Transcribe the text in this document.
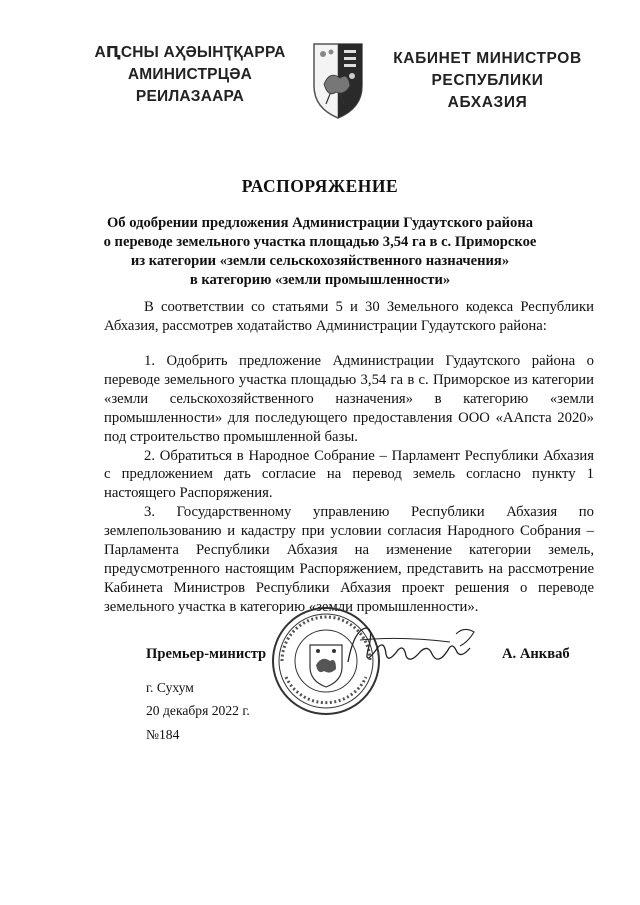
АԤСНЫ АҲӘЫНҬҚАРРА
АМИНИСТРЦӘА РЕИЛАЗААРА
КАБИНЕТ МИНИСТРОВ
РЕСПУБЛИКИ АБХАЗИЯ
РАСПОРЯЖЕНИЕ
Об одобрении предложения Администрации Гудаутского района
о переводе земельного участка площадью 3,54 га в с. Приморское
из категории «земли сельскохозяйственного назначения»
в категорию «земли промышленности»

В соответствии со статьями 5 и 30 Земельного кодекса Республики Абхазия, рассмотрев ходатайство Администрации Гудаутского района:

1. Одобрить предложение Администрации Гудаутского района о переводе земельного участка площадью 3,54 га в с. Приморское из категории «земли сельскохозяйственного назначения» в категорию «земли промышленности» для последующего предоставления ООО «ААпста 2020» под строительство промышленной базы.

2. Обратиться в Народное Собрание – Парламент Республики Абхазия с предложением дать согласие на перевод земель согласно пункту 1 настоящего Распоряжения.

3. Государственному управлению Республики Абхазия по землепользованию и кадастру при условии согласия Народного Собрания – Парламента Республики Абхазия на изменение категории земель, предусмотренного настоящим Распоряжением, представить на рассмотрение Кабинета Министров Республики Абхазия проект решения о переводе земельного участка в категорию «земли промышленности».

Премьер-министр	А. Анкваб
г. Сухум
20 декабря 2022 г.
№184
